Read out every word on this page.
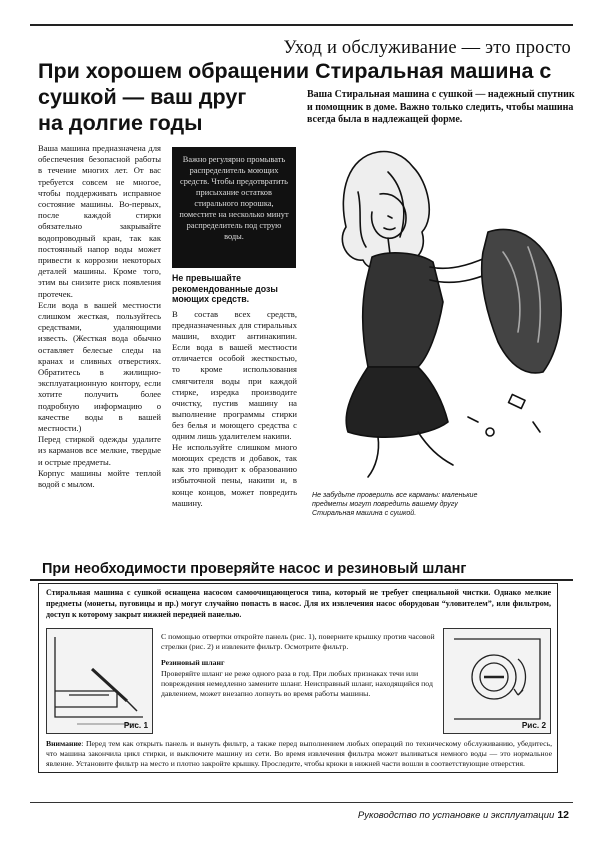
Уход и обслуживание — это просто
При хорошем обращении Стиральная машина с
сушкой — ваш друг
на долгие годы
Ваша Стиральная машина с сушкой — надежный спутник и помощник в доме. Важно только следить, чтобы машина всегда была в надлежащей форме.

Ваша машина предназначена для обеспечения безопасной работы в течение многих лет. От вас требуется совсем не многое, чтобы поддерживать исправное состояние машины. Во-первых, после каждой стирки обязательно закрывайте водопроводный кран, так как постоянный напор воды может привести к коррозии некоторых деталей машины. Кроме того, этим вы снизите риск появления протечек.

Если вода в вашей местности слишком жесткая, пользуйтесь средствами, удаляющими известь. (Жесткая вода обычно оставляет белесые следы на кранах и сливных отверстиях. Обратитесь в жилищно-эксплуатационную контору, если хотите получить более подробную информацию о качестве воды в вашей местности.)

Перед стиркой одежды удалите из карманов все мелкие, твердые и острые предметы.

Корпус машины мойте теплой водой с мылом.

Важно регулярно промывать распределитель моющих средств. Чтобы предотвратить присыхание остатков стирального порошка, поместите на несколько минут распределитель под струю воды.
Не превышайте рекомендованные дозы моющих средств.

В состав всех средств, предназначенных для стиральных машин, входит антинакипин. Если вода в вашей местности отличается особой жесткостью, то кроме использования смягчителя воды при каждой стирке, изредка производите очистку, пустив машину на выполнение программы стирки без белья и моющего средства с одним лишь удалителем накипи.

Не используйте слишком много моющих средств и добавок, так как это приводит к образованию избыточной пены, накипи и, в конце концов, может повредить машину.

Не забудьте проверить все карманы: маленькие предметы могут повредить вашему другу Стиральная машина с сушкой.
При необходимости проверяйте насос и резиновый шланг
Стиральная машина с сушкой оснащена насосом самоочищающегося типа, который не требует специальной чистки. Однако мелкие предметы (монеты, пуговицы и пр.) могут случайно попасть в насос. Для их извлечения насос оборудован “уловителем”, или фильтром, доступ к которому закрыт нижней передней панелью.
Рис. 1

С помощью отвертки откройте панель (рис. 1), поверните крышку против часовой стрелки (рис. 2) и извлеките фильтр. Осмотрите фильтр.

Резиновый шланг

Проверяйте шланг не реже одного раза в год. При любых признаках течи или повреждения немедленно замените шланг. Неисправный шланг, находящийся под давлением, может внезапно лопнуть во время работы машины.

Рис. 2
Внимание: Перед тем как открыть панель и вынуть фильтр, а также перед выполнением любых операций по техническому обслуживанию, убедитесь, что машина закончила цикл стирки, и выключите машину из сети. Во время извлечения фильтра может выливаться немного воды — это нормальное явление. Установите фильтр на место и плотно закройте крышку. Проследите, чтобы крюки в нижней части вошли в соответствующие отверстия.
Руководство по установке и эксплуатации 12
